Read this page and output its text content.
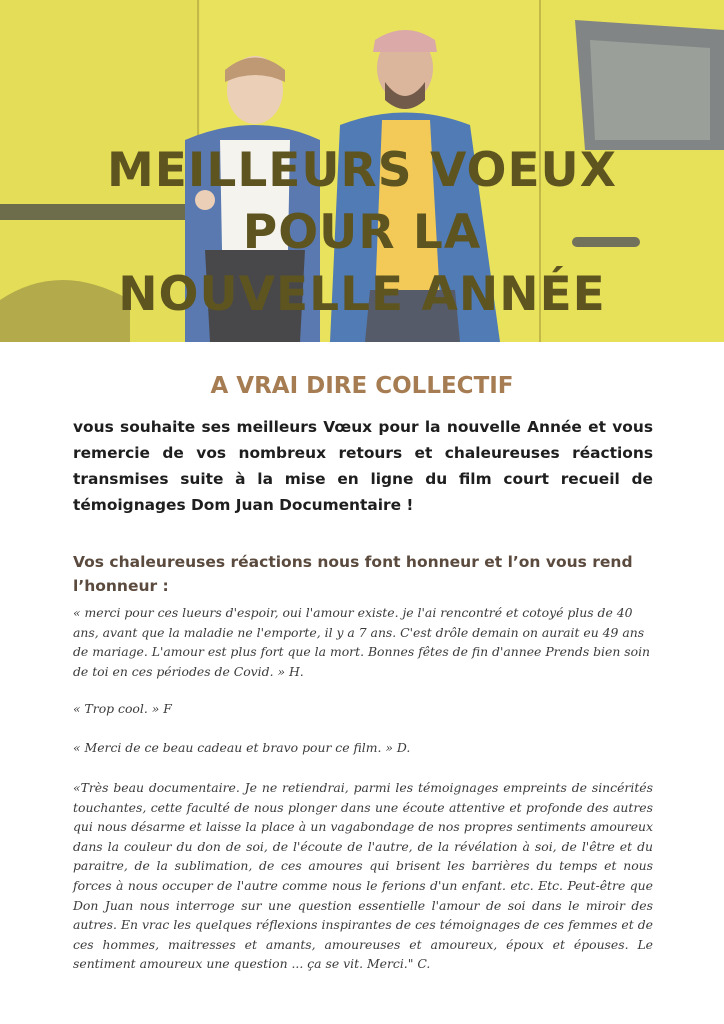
MEILLEURS VOEUX
POUR LA
NOUVELLE ANNÉE
A VRAI DIRE COLLECTIF

vous souhaite ses meilleurs Vœux pour la nouvelle Année et vous remercie de vos nombreux retours et chaleureuses réactions transmises suite à la mise en ligne du film court recueil de témoignages Dom Juan Documentaire !

Vos chaleureuses réactions nous font honneur et l’on vous rend l’honneur :

« merci pour ces lueurs d'espoir, oui l'amour existe. je l'ai rencontré et cotoyé plus de 40 ans, avant que la maladie ne l'emporte, il y a 7 ans. C'est drôle demain on aurait eu 49 ans de mariage. L'amour est plus fort que la mort. Bonnes fêtes de fin d'annee Prends bien soin de toi en ces périodes de Covid. » H.

« Trop cool. » F

« Merci de ce beau cadeau et bravo pour ce film. » D.

«Très beau documentaire. Je ne retiendrai, parmi les témoignages empreints de sincérités touchantes, cette faculté de nous plonger dans une écoute attentive et profonde des autres qui nous désarme et laisse la place à un vagabondage de nos propres sentiments amoureux dans la couleur du don de soi, de l'écoute de l'autre, de la révélation à soi, de l'être et du paraitre, de la sublimation, de ces amoures qui brisent les barrières du temps et nous forces à nous occuper de l'autre comme nous le ferions d'un enfant. etc. Etc. Peut-être que Don Juan nous interroge sur une question essentielle l'amour de soi dans le miroir des autres. En vrac les quelques réflexions inspirantes de ces témoignages de ces femmes et de ces hommes, maitresses et amants, amoureuses et amoureux, époux et épouses. Le sentiment amoureux une question ... ça se vit. Merci." C.
